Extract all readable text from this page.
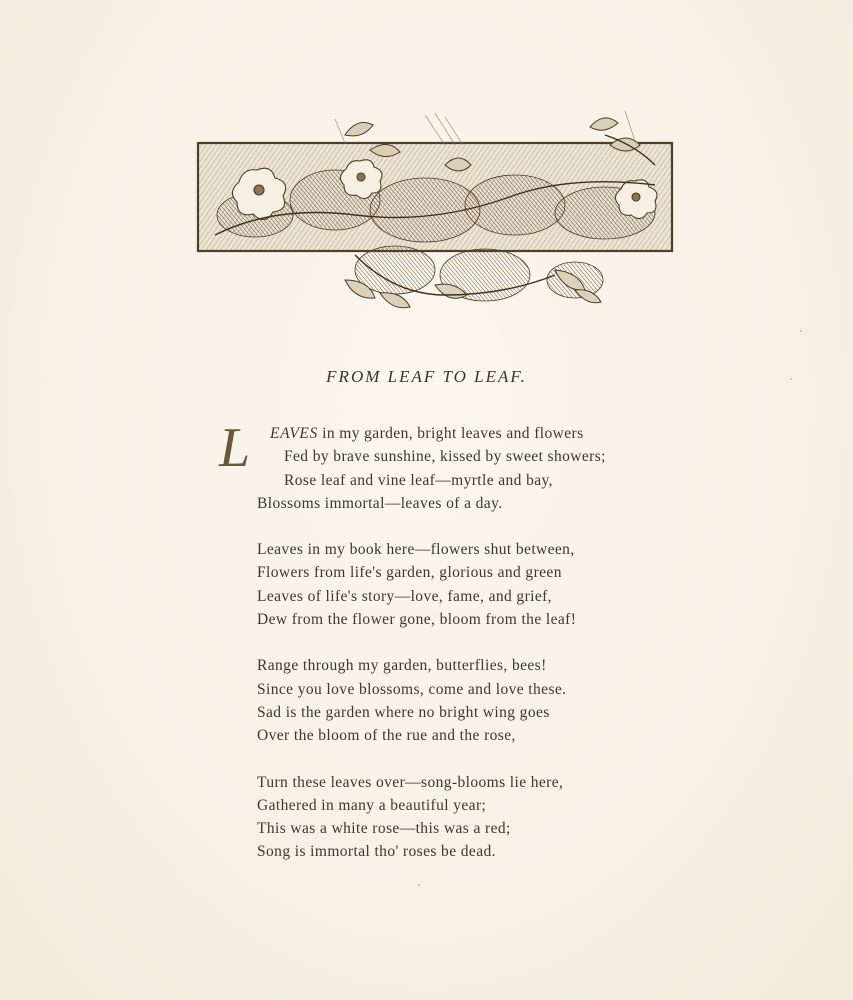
FROM LEAF TO LEAF.
L	EAVES in my garden, bright leaves and flowers
Fed by brave sunshine, kissed by sweet showers;
Rose leaf and vine leaf—myrtle and bay,
Blossoms immortal—leaves of a day.
Leaves in my book here—flowers shut between,
Flowers from life's garden, glorious and green
Leaves of life's story—love, fame, and grief,
Dew from the flower gone, bloom from the leaf!
Range through my garden, butterflies, bees!
Since you love blossoms, come and love these.
Sad is the garden where no bright wing goes
Over the bloom of the rue and the rose,
Turn these leaves over—song-blooms lie here,
Gathered in many a beautiful year;
This was a white rose—this was a red;
Song is immortal tho' roses be dead.
